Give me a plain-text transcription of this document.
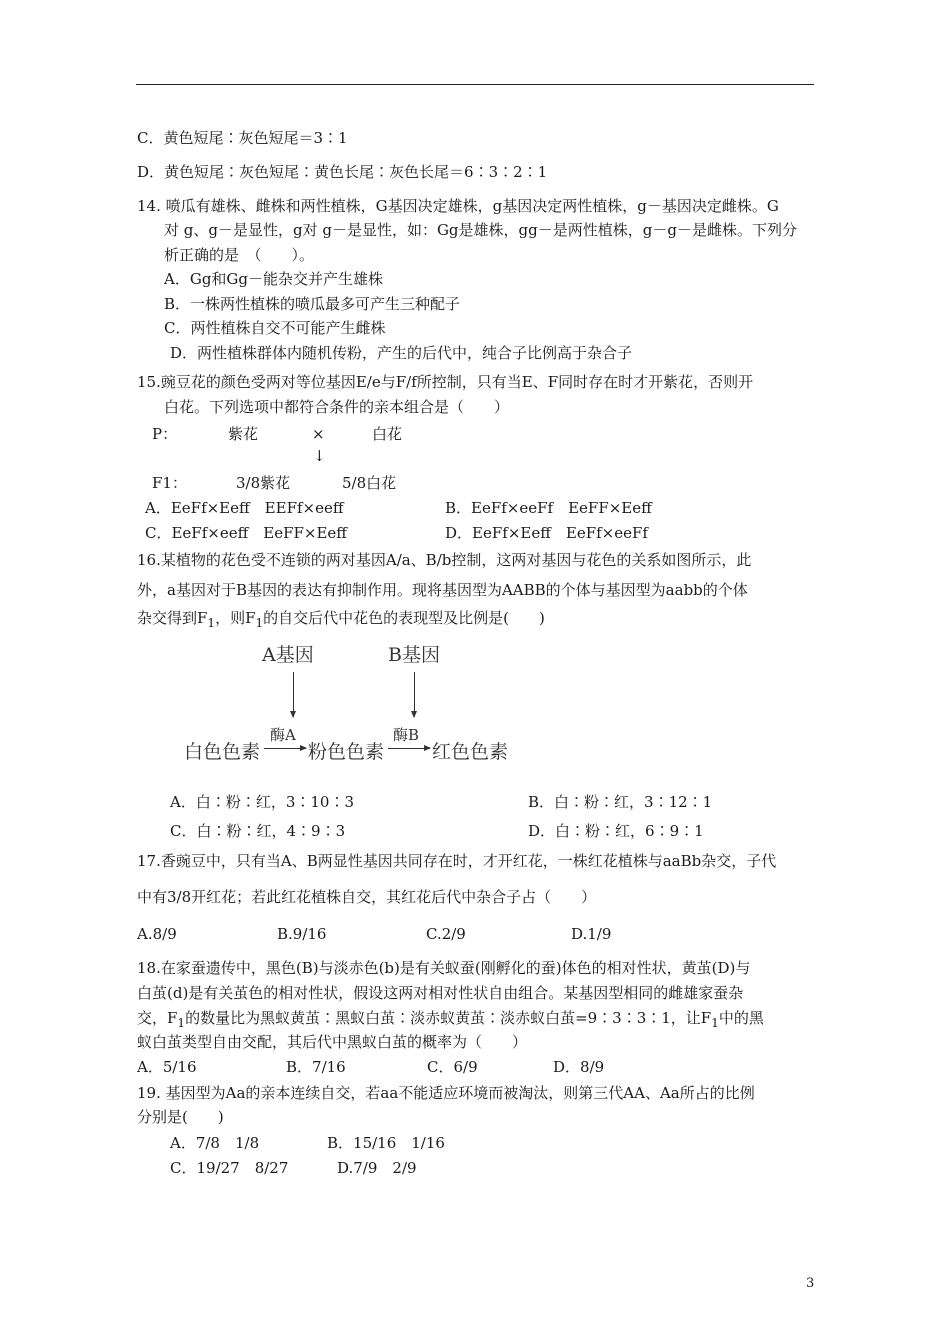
C．黄色短尾∶灰色短尾＝3∶1
D．黄色短尾∶灰色短尾∶黄色长尾∶灰色长尾＝6∶3∶2∶1
14. 喷瓜有雄株、雌株和两性植株，G基因决定雄株，g基因决定两性植株，g－基因决定雌株。G
对 g、g－是显性，g对 g－是显性，如：Gg是雄株，gg－是两性植株，g－g－是雌株。下列分
析正确的是　（　　）。
A．Gg和Gg－能杂交并产生雄株
B．一株两性植株的喷瓜最多可产生三种配子
C．两性植株自交不可能产生雌株
D．两性植株群体内随机传粉，产生的后代中，纯合子比例高于杂合子
15.豌豆花的颜色受两对等位基因E/e与F/f所控制，只有当E、F同时存在时才开紫花，否则开
白花。下列选项中都符合条件的亲本组合是（　　）
P：	紫花	×	白花
↓
F1：	3/8紫花	5/8白花
A．EeFf×Eeff　EEFf×eeff	B．EeFf×eeFf　EeFF×Eeff
C．EeFf×eeff　EeFF×Eeff	D．EeFf×Eeff　EeFf×eeFf
16.某植物的花色受不连锁的两对基因A/a、B/b控制，这两对基因与花色的关系如图所示，此
外，a基因对于B基因的表达有抑制作用。现将基因型为AABB的个体与基因型为aabb的个体
杂交得到$F_1$，则$F_1$的自交后代中花色的表现型及比例是(　　)
A基因	B基因
酶A	酶B
白色色素	粉色色素	红色色素
A．白∶粉∶红，3∶10∶3	B．白∶粉∶红，3∶12∶1
C．白∶粉∶红，4∶9∶3	D．白∶粉∶红，6∶9∶1
17.香豌豆中，只有当A、B两显性基因共同存在时，才开红花，一株红花植株与aaBb杂交，子代
中有3/8开红花；若此红花植株自交，其红花后代中杂合子占（　　）
A.8/9	B.9/16	C.2/9	D.1/9
18.在家蚕遗传中，黑色(B)与淡赤色(b)是有关蚁蚕(刚孵化的蚕)体色的相对性状，黄茧(D)与
白茧(d)是有关茧色的相对性状，假设这两对相对性状自由组合。某基因型相同的雌雄家蚕杂
交，$F_1$的数量比为黑蚁黄茧∶黑蚁白茧∶淡赤蚁黄茧∶淡赤蚁白茧=9∶3∶3∶1，让$F_1$中的黑
蚁白茧类型自由交配，其后代中黑蚁白茧的概率为（　　）
A．5/16	B．7/16	C．6/9	D．8/9
19. 基因型为Aa的亲本连续自交，若aa不能适应环境而被淘汰，则第三代AA、Aa所占的比例
分别是(　　)
A．7/8　1/8	B．15/16　1/16
C．19/27　8/27	D.7/9　2/9
3
